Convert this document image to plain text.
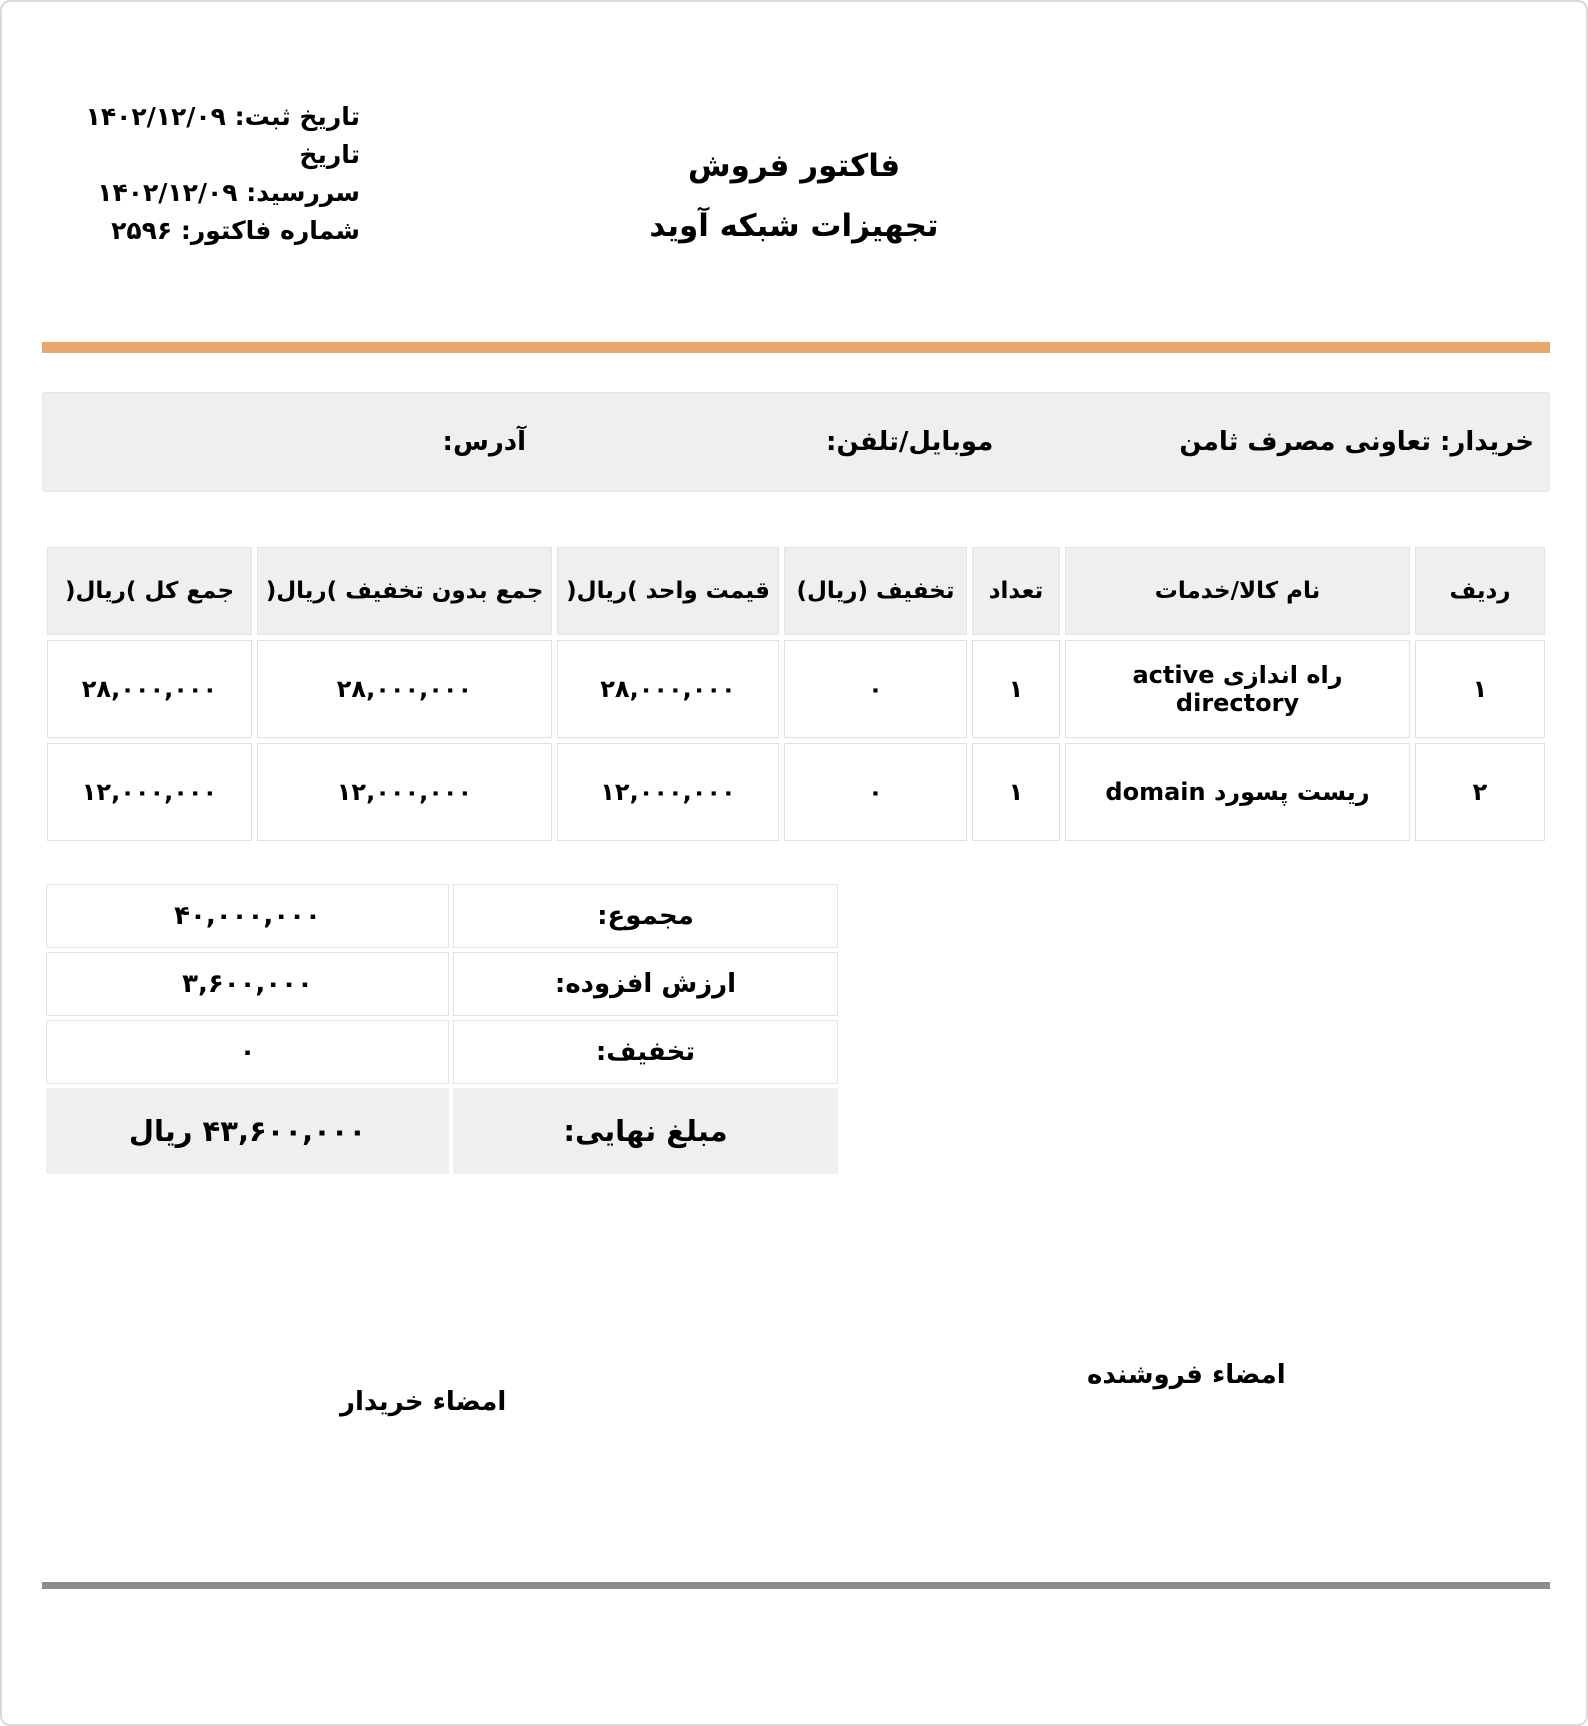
تاریخ ثبت: ۱۴۰۲/۱۲/۰۹
تاریخ
سررسید: ۱۴۰۲/۱۲/۰۹
شماره فاکتور: ۲۵۹۶
فاکتور فروش
تجهیزات شبکه آوید
خریدار: تعاونی مصرف ثامن
موبایل/تلفن:
آدرس:
ردیف	نام کالا/خدمات	تعداد	تخفیف (ریال)	قیمت واحد )ریال(	جمع بدون تخفیف )ریال(	جمع کل )ریال(
۱	راه اندازی active directory	۱	۰	۲۸,۰۰۰,۰۰۰	۲۸,۰۰۰,۰۰۰	۲۸,۰۰۰,۰۰۰
۲	ریست پسورد domain	۱	۰	۱۲,۰۰۰,۰۰۰	۱۲,۰۰۰,۰۰۰	۱۲,۰۰۰,۰۰۰
مجموع:	۴۰,۰۰۰,۰۰۰
ارزش افزوده:	۳,۶۰۰,۰۰۰
تخفیف:	۰
مبلغ نهایی:	۴۳,۶۰۰,۰۰۰ ریال
امضاء فروشنده
امضاء خریدار
